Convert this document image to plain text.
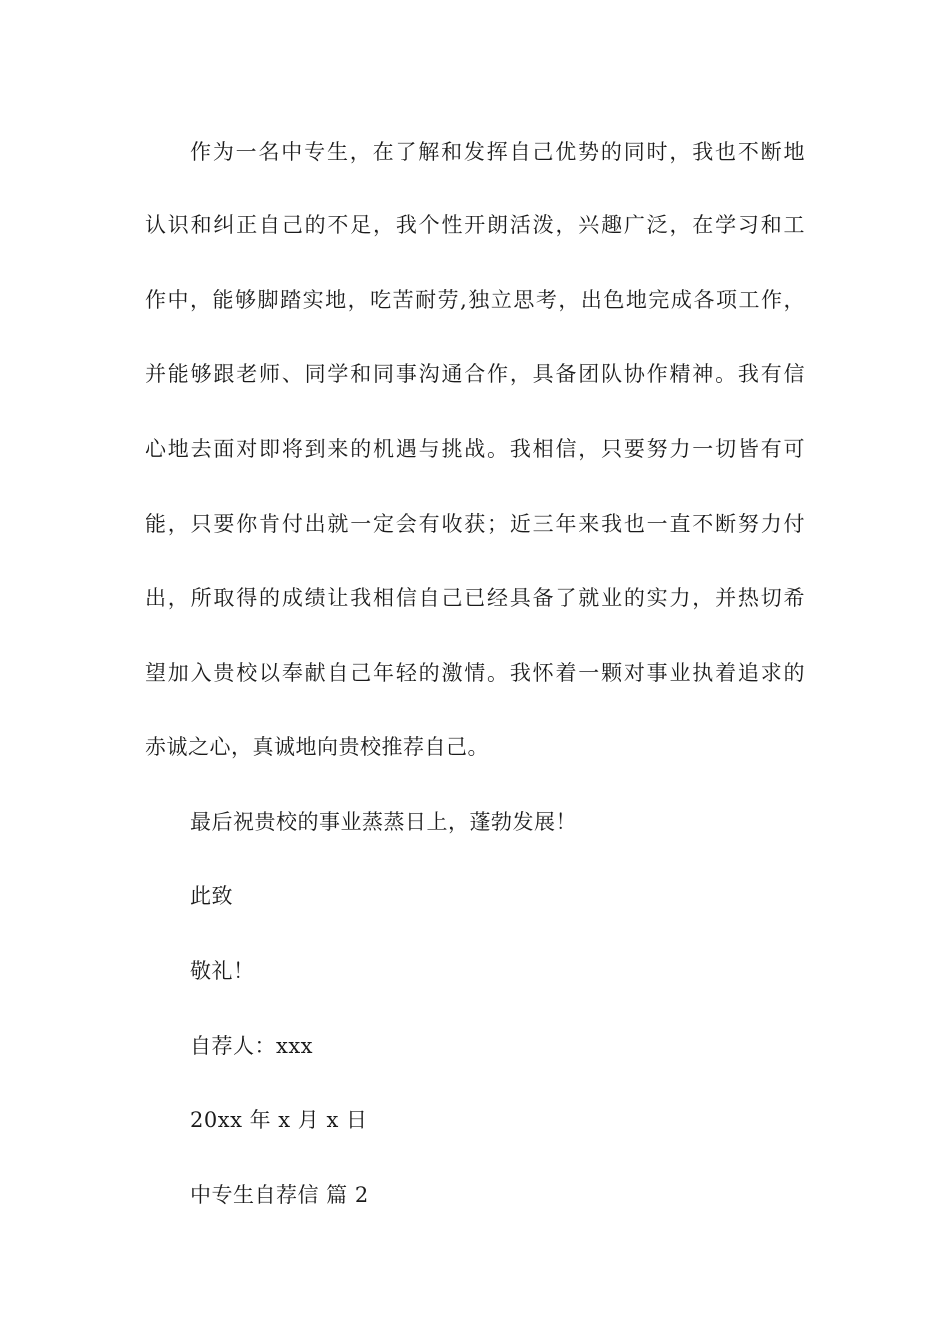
作为一名中专生，在了解和发挥自己优势的同时，我也不断地
认识和纠正自己的不足，我个性开朗活泼，兴趣广泛，在学习和工
作中，能够脚踏实地，吃苦耐劳,独立思考，出色地完成各项工作，
并能够跟老师、同学和同事沟通合作，具备团队协作精神。我有信
心地去面对即将到来的机遇与挑战。我相信，只要努力一切皆有可
能，只要你肯付出就一定会有收获；近三年来我也一直不断努力付
出，所取得的成绩让我相信自己已经具备了就业的实力，并热切希
望加入贵校以奉献自己年轻的激情。我怀着一颗对事业执着追求的
赤诚之心，真诚地向贵校推荐自己。
最后祝贵校的事业蒸蒸日上，蓬勃发展！
此致
敬礼！
自荐人：xxx
20xx 年 x 月 x 日
中专生自荐信 篇 2
